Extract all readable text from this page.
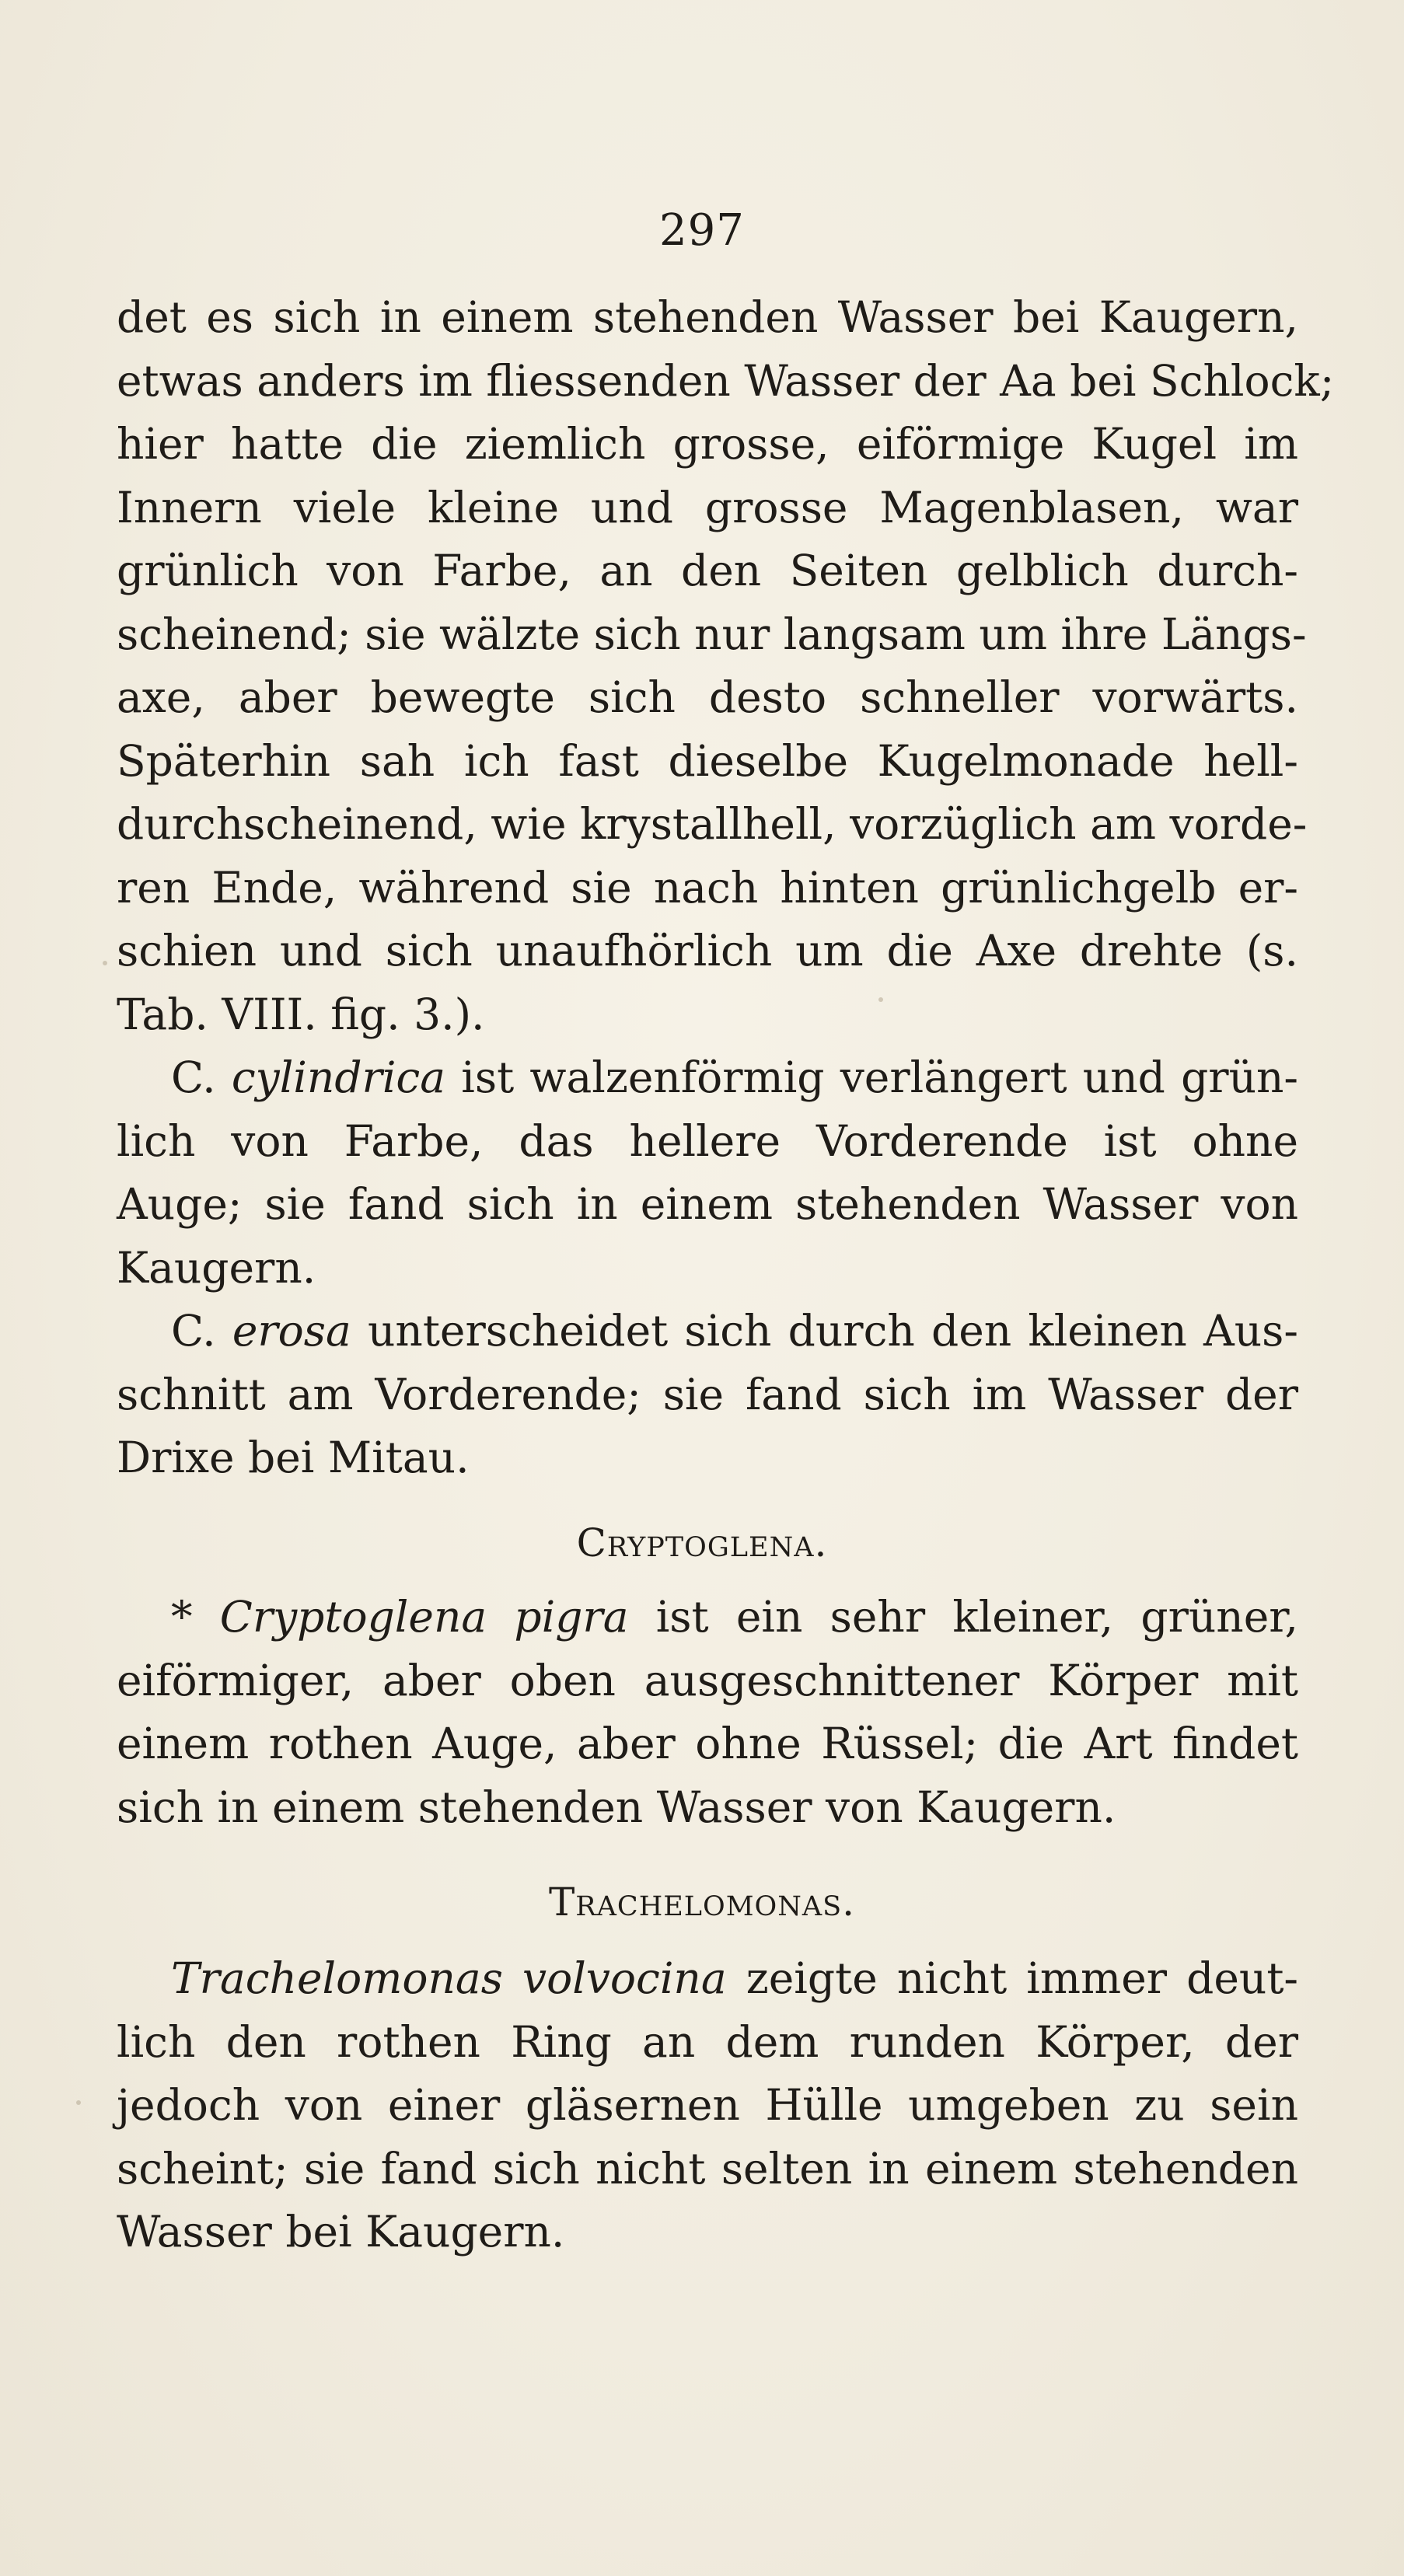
297
det es sich in einem stehenden Wasser bei Kaugern,
etwas anders im fliessenden Wasser der Aa bei Schlock;
hier hatte die ziemlich grosse, eiförmige Kugel im
Innern viele kleine und grosse Magenblasen, war
grünlich von Farbe, an den Seiten gelblich durch-
scheinend; sie wälzte sich nur langsam um ihre Längs-
axe, aber bewegte sich desto schneller vorwärts.
Späterhin sah ich fast dieselbe Kugelmonade hell-
durchscheinend, wie krystallhell, vorzüglich am vorde-
ren Ende, während sie nach hinten grünlichgelb er-
schien und sich unaufhörlich um die Axe drehte (s.
Tab. VIII. fig. 3.).
C. cylindrica ist walzenförmig verlängert und grün-
lich von Farbe, das hellere Vorderende ist ohne
Auge; sie fand sich in einem stehenden Wasser von
Kaugern.
C. erosa unterscheidet sich durch den kleinen Aus-
schnitt am Vorderende; sie fand sich im Wasser der
Drixe bei Mitau.
Cryptoglena.
* Cryptoglena pigra ist ein sehr kleiner, grüner,
eiförmiger, aber oben ausgeschnittener Körper mit
einem rothen Auge, aber ohne Rüssel; die Art findet
sich in einem stehenden Wasser von Kaugern.
Trachelomonas.
Trachelomonas volvocina zeigte nicht immer deut-
lich den rothen Ring an dem runden Körper, der
jedoch von einer gläsernen Hülle umgeben zu sein
scheint; sie fand sich nicht selten in einem stehenden
Wasser bei Kaugern.
